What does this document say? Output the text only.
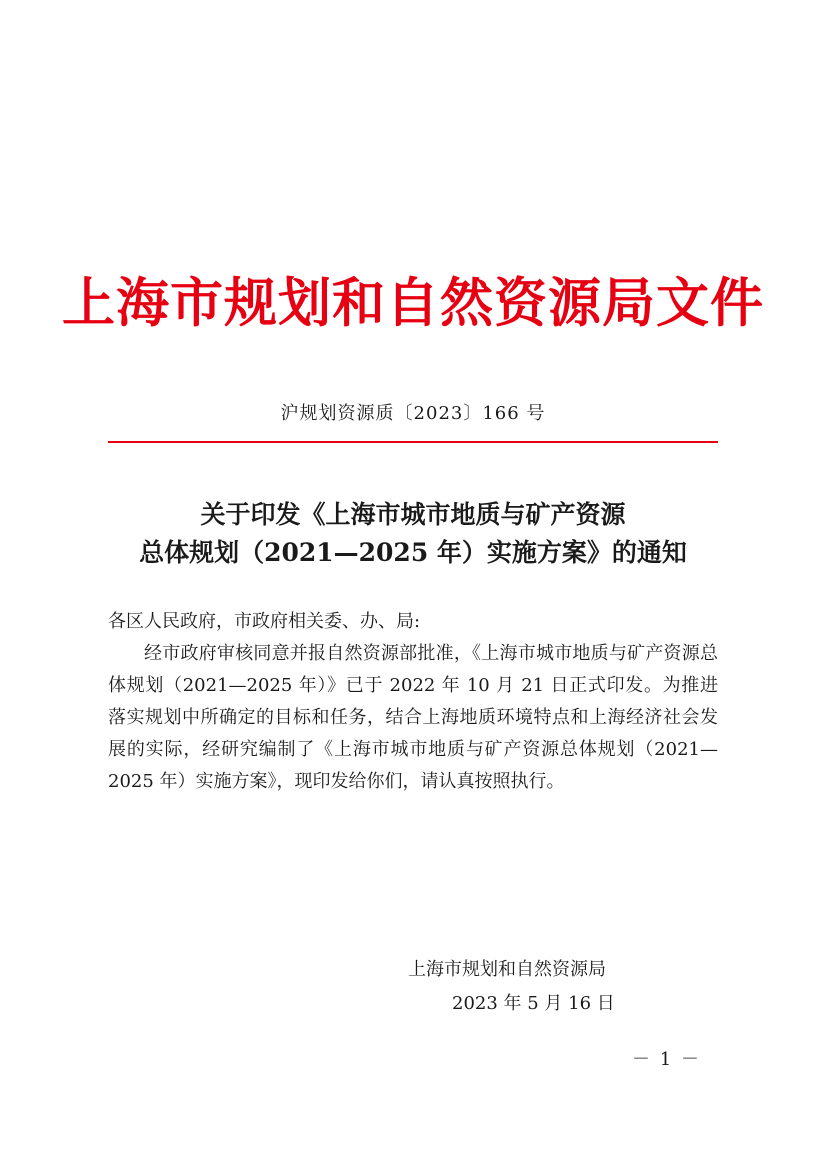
上海市规划和自然资源局文件
沪规划资源质〔2023〕166 号
关于印发《上海市城市地质与矿产资源
总体规划（2021—2025 年）实施方案》的通知
各区人民政府，市政府相关委、办、局:

经市政府审核同意并报自然资源部批准，《上海市城市地质与矿产资源总体规划（2021—2025 年）》已于 2022 年 10 月 21 日正式印发。为推进落实规划中所确定的目标和任务，结合上海地质环境特点和上海经济社会发展的实际，经研究编制了《上海市城市地质与矿产资源总体规划（2021—2025 年）实施方案》，现印发给你们，请认真按照执行。

上海市规划和自然资源局
2023 年 5 月 16 日
－ 1 －
